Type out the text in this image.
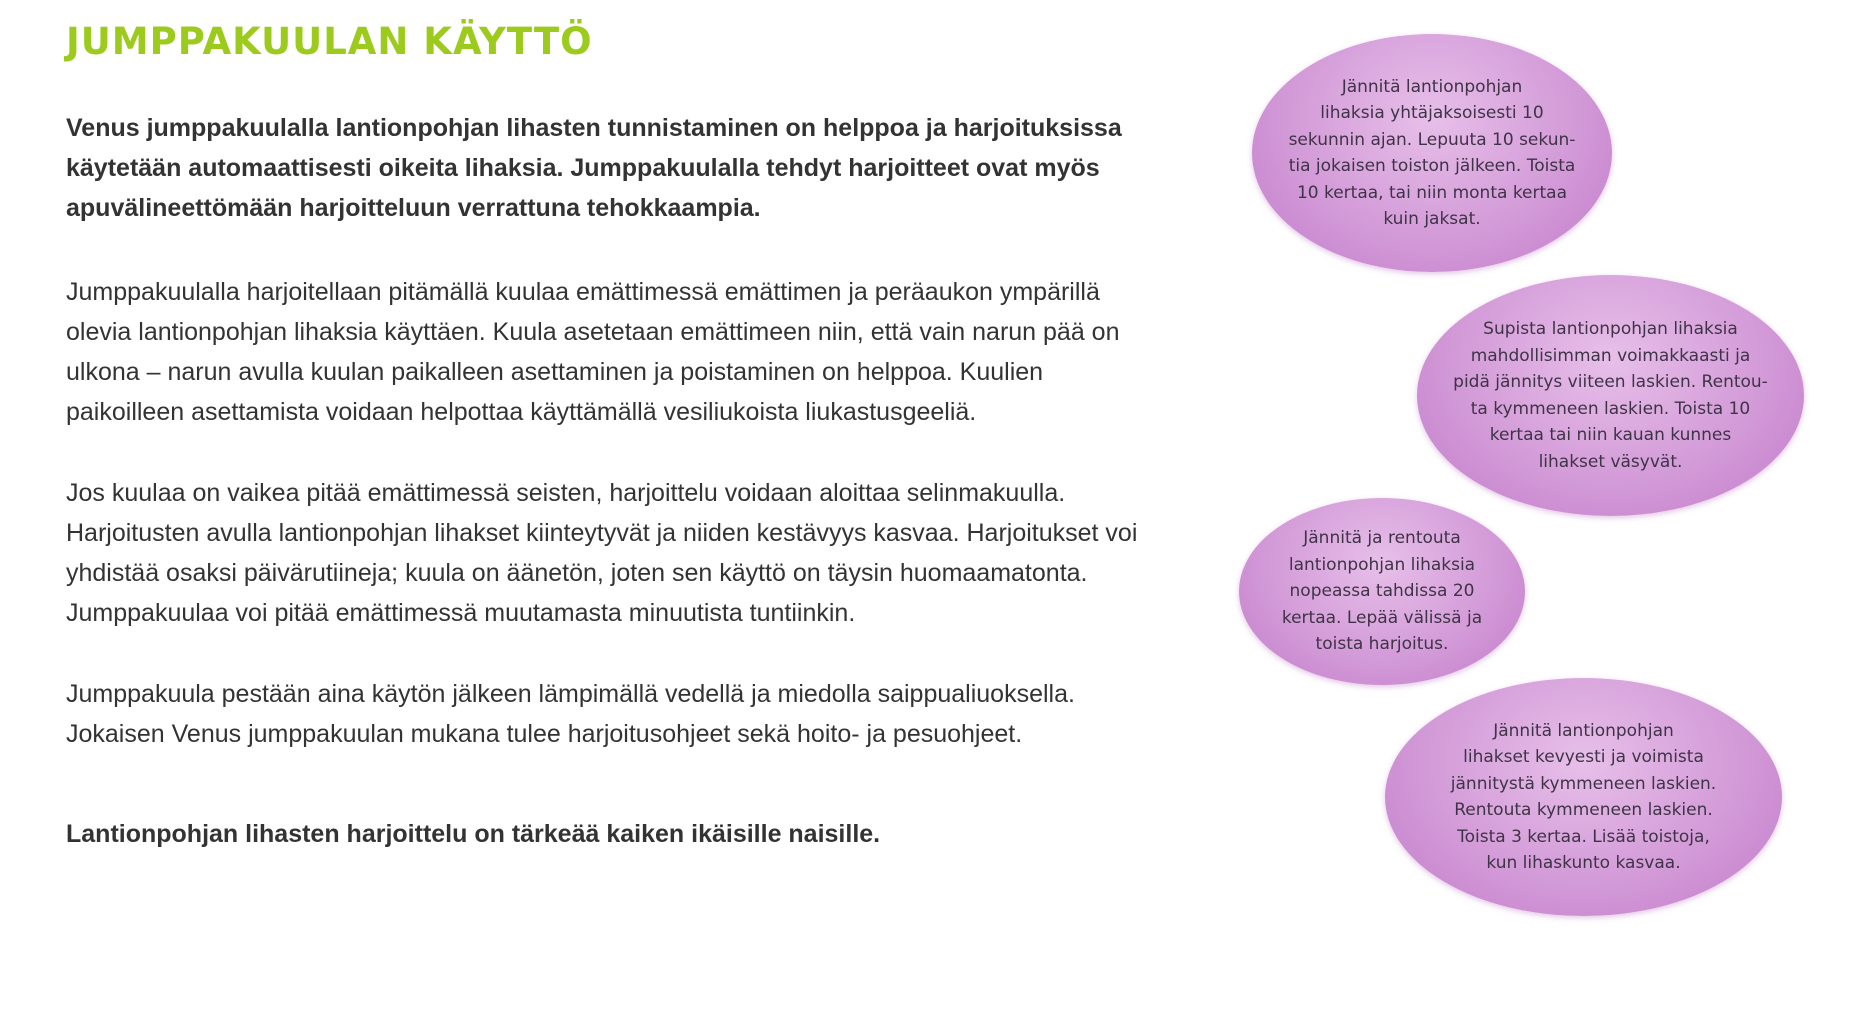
JUMPPAKUULAN KÄYTTÖ

Venus jumppakuulalla lantionpohjan lihasten tunnistaminen on helppoa ja harjoituksissa käytetään automaattisesti oikeita lihaksia. Jumppakuulalla tehdyt harjoitteet ovat myös apuvälineettömään harjoitteluun verrattuna tehokkaampia.

Jumppakuulalla harjoitellaan pitämällä kuulaa emättimessä emättimen ja peräaukon ympärillä olevia lantionpohjan lihaksia käyttäen. Kuula asetetaan emättimeen niin, että vain narun pää on ulkona – narun avulla kuulan paikalleen asettaminen ja poistaminen on helppoa. Kuulien paikoilleen asettamista voidaan helpottaa käyttämällä vesiliukoista liukastusgeeliä.

Jos kuulaa on vaikea pitää emättimessä seisten, harjoittelu voidaan aloittaa selinmakuulla. Harjoitusten avulla lantionpohjan lihakset kiinteytyvät ja niiden kestävyys kasvaa. Harjoitukset voi yhdistää osaksi päivärutiineja; kuula on äänetön, joten sen käyttö on täysin huomaamatonta. Jumppakuulaa voi pitää emättimessä muutamasta minuutista tuntiinkin.

Jumppakuula pestään aina käytön jälkeen lämpimällä vedellä ja miedolla saippualiuoksella. Jokaisen Venus jumppakuulan mukana tulee harjoitusohjeet sekä hoito- ja pesuohjeet.

Lantionpohjan lihasten harjoittelu on tärkeää kaiken ikäisille naisille.

Jännitä lantionpohjan
lihaksia yhtäjaksoisesti 10
sekunnin ajan. Lepuuta 10 sekun-
tia jokaisen toiston jälkeen. Toista
10 kertaa, tai niin monta kertaa
kuin jaksat.
Supista lantionpohjan lihaksia
mahdollisimman voimakkaasti ja
pidä jännitys viiteen laskien. Rentou-
ta kymmeneen laskien. Toista 10
kertaa tai niin kauan kunnes
lihakset väsyvät.
Jännitä ja rentouta
lantionpohjan lihaksia
nopeassa tahdissa 20
kertaa. Lepää välissä ja
toista harjoitus.
Jännitä lantionpohjan
lihakset kevyesti ja voimista
jännitystä kymmeneen laskien.
Rentouta kymmeneen laskien.
Toista 3 kertaa. Lisää toistoja,
kun lihaskunto kasvaa.
